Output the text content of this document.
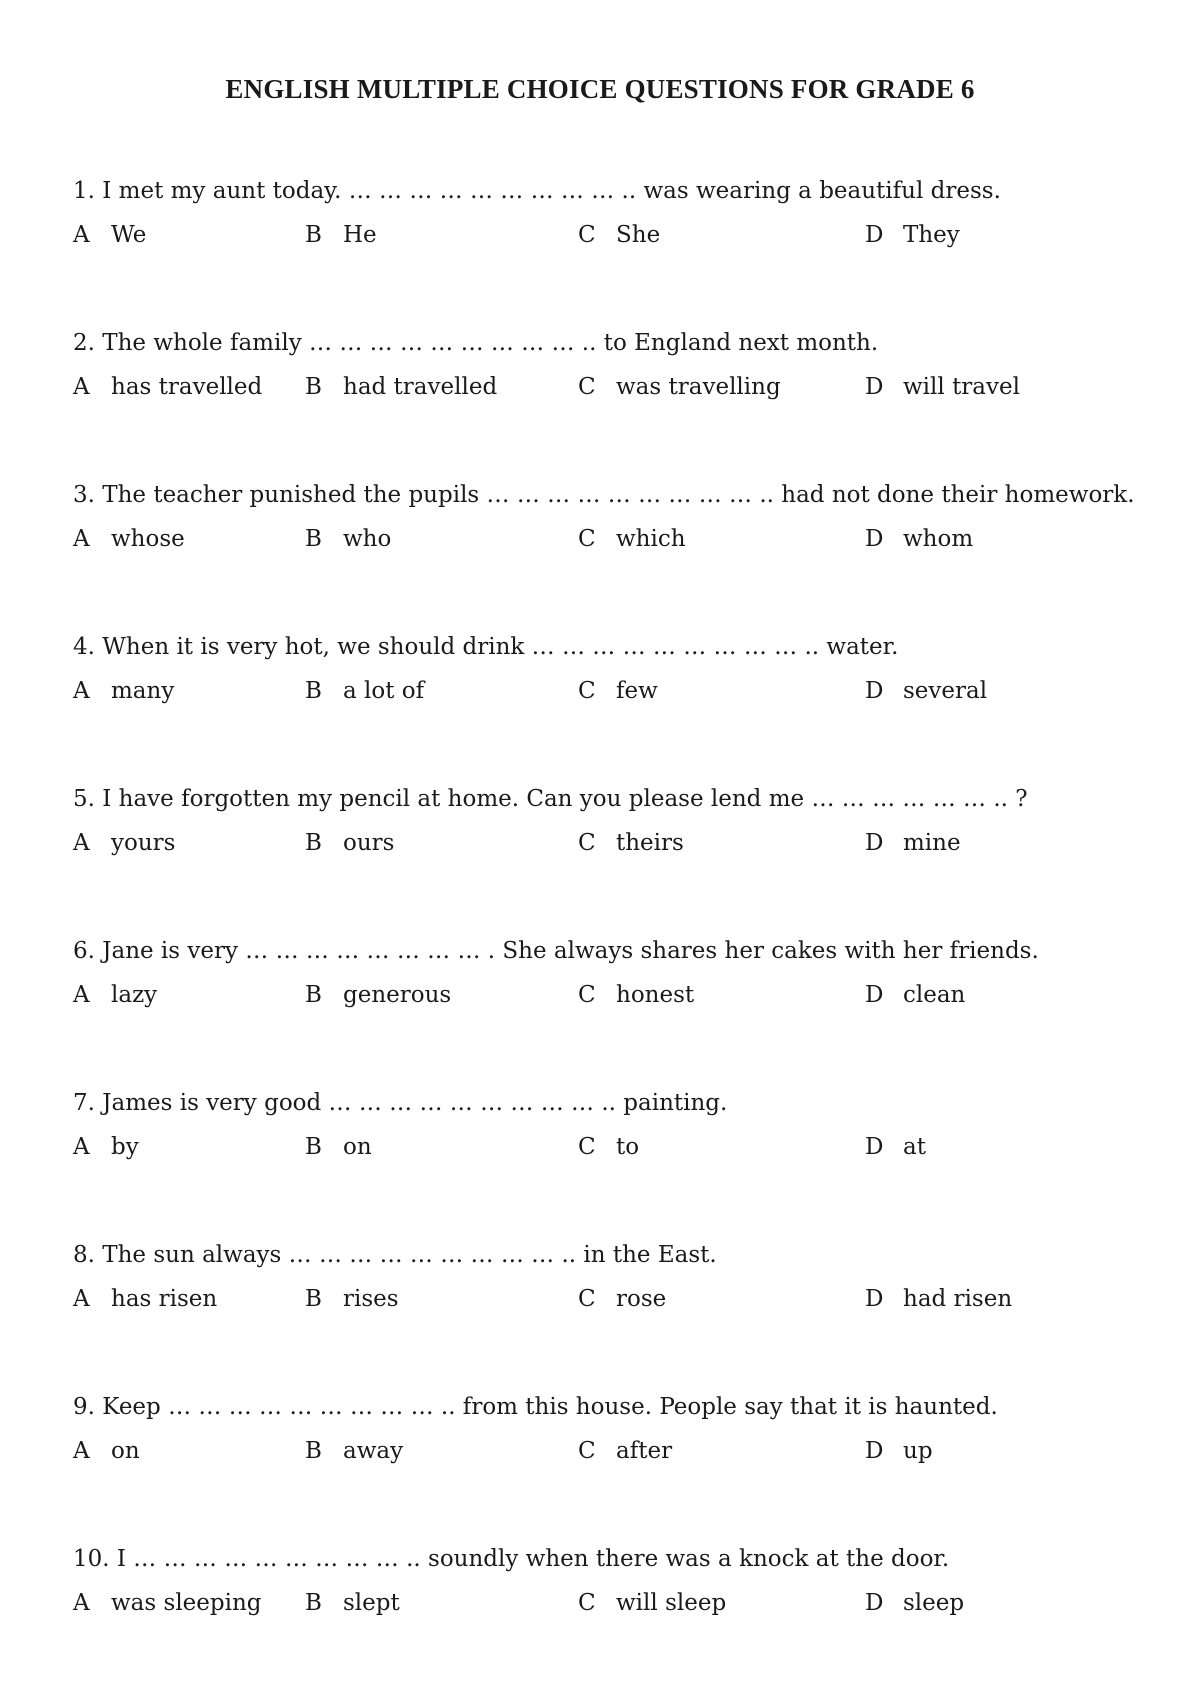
ENGLISH MULTIPLE CHOICE QUESTIONS FOR GRADE 6

1. I met my aunt today. … … … … … … … … … .. was wearing a beautiful dress.

A We	B He	C She	D They

2. The whole family … … … … … … … … … .. to England next month.

A has travelled B had travelled	C was travelling	D will travel

3. The teacher punished the pupils … … … … … … … … … .. had not done their homework.

A whose	B who	C which	D whom

4. When it is very hot, we should drink … … … … … … … … … .. water.

A many	B a lot of	C few	D several

5. I have forgotten my pencil at home. Can you please lend me … … … … … … .. ?

A yours	B ours	C theirs	D mine

6. Jane is very … … … … … … … … . She always shares her cakes with her friends.

A lazy	B generous	C honest	D clean

7. James is very good … … … … … … … … … .. painting.

A by	B on	C to	D at

8. The sun always … … … … … … … … … .. in the East.

A has risen	B rises	C rose	D had risen

9. Keep … … … … … … … … … .. from this house. People say that it is haunted.

A on	B away	C after	D up

10. I … … … … … … … … … .. soundly when there was a knock at the door.

A was sleeping B slept	C will sleep	D sleep
